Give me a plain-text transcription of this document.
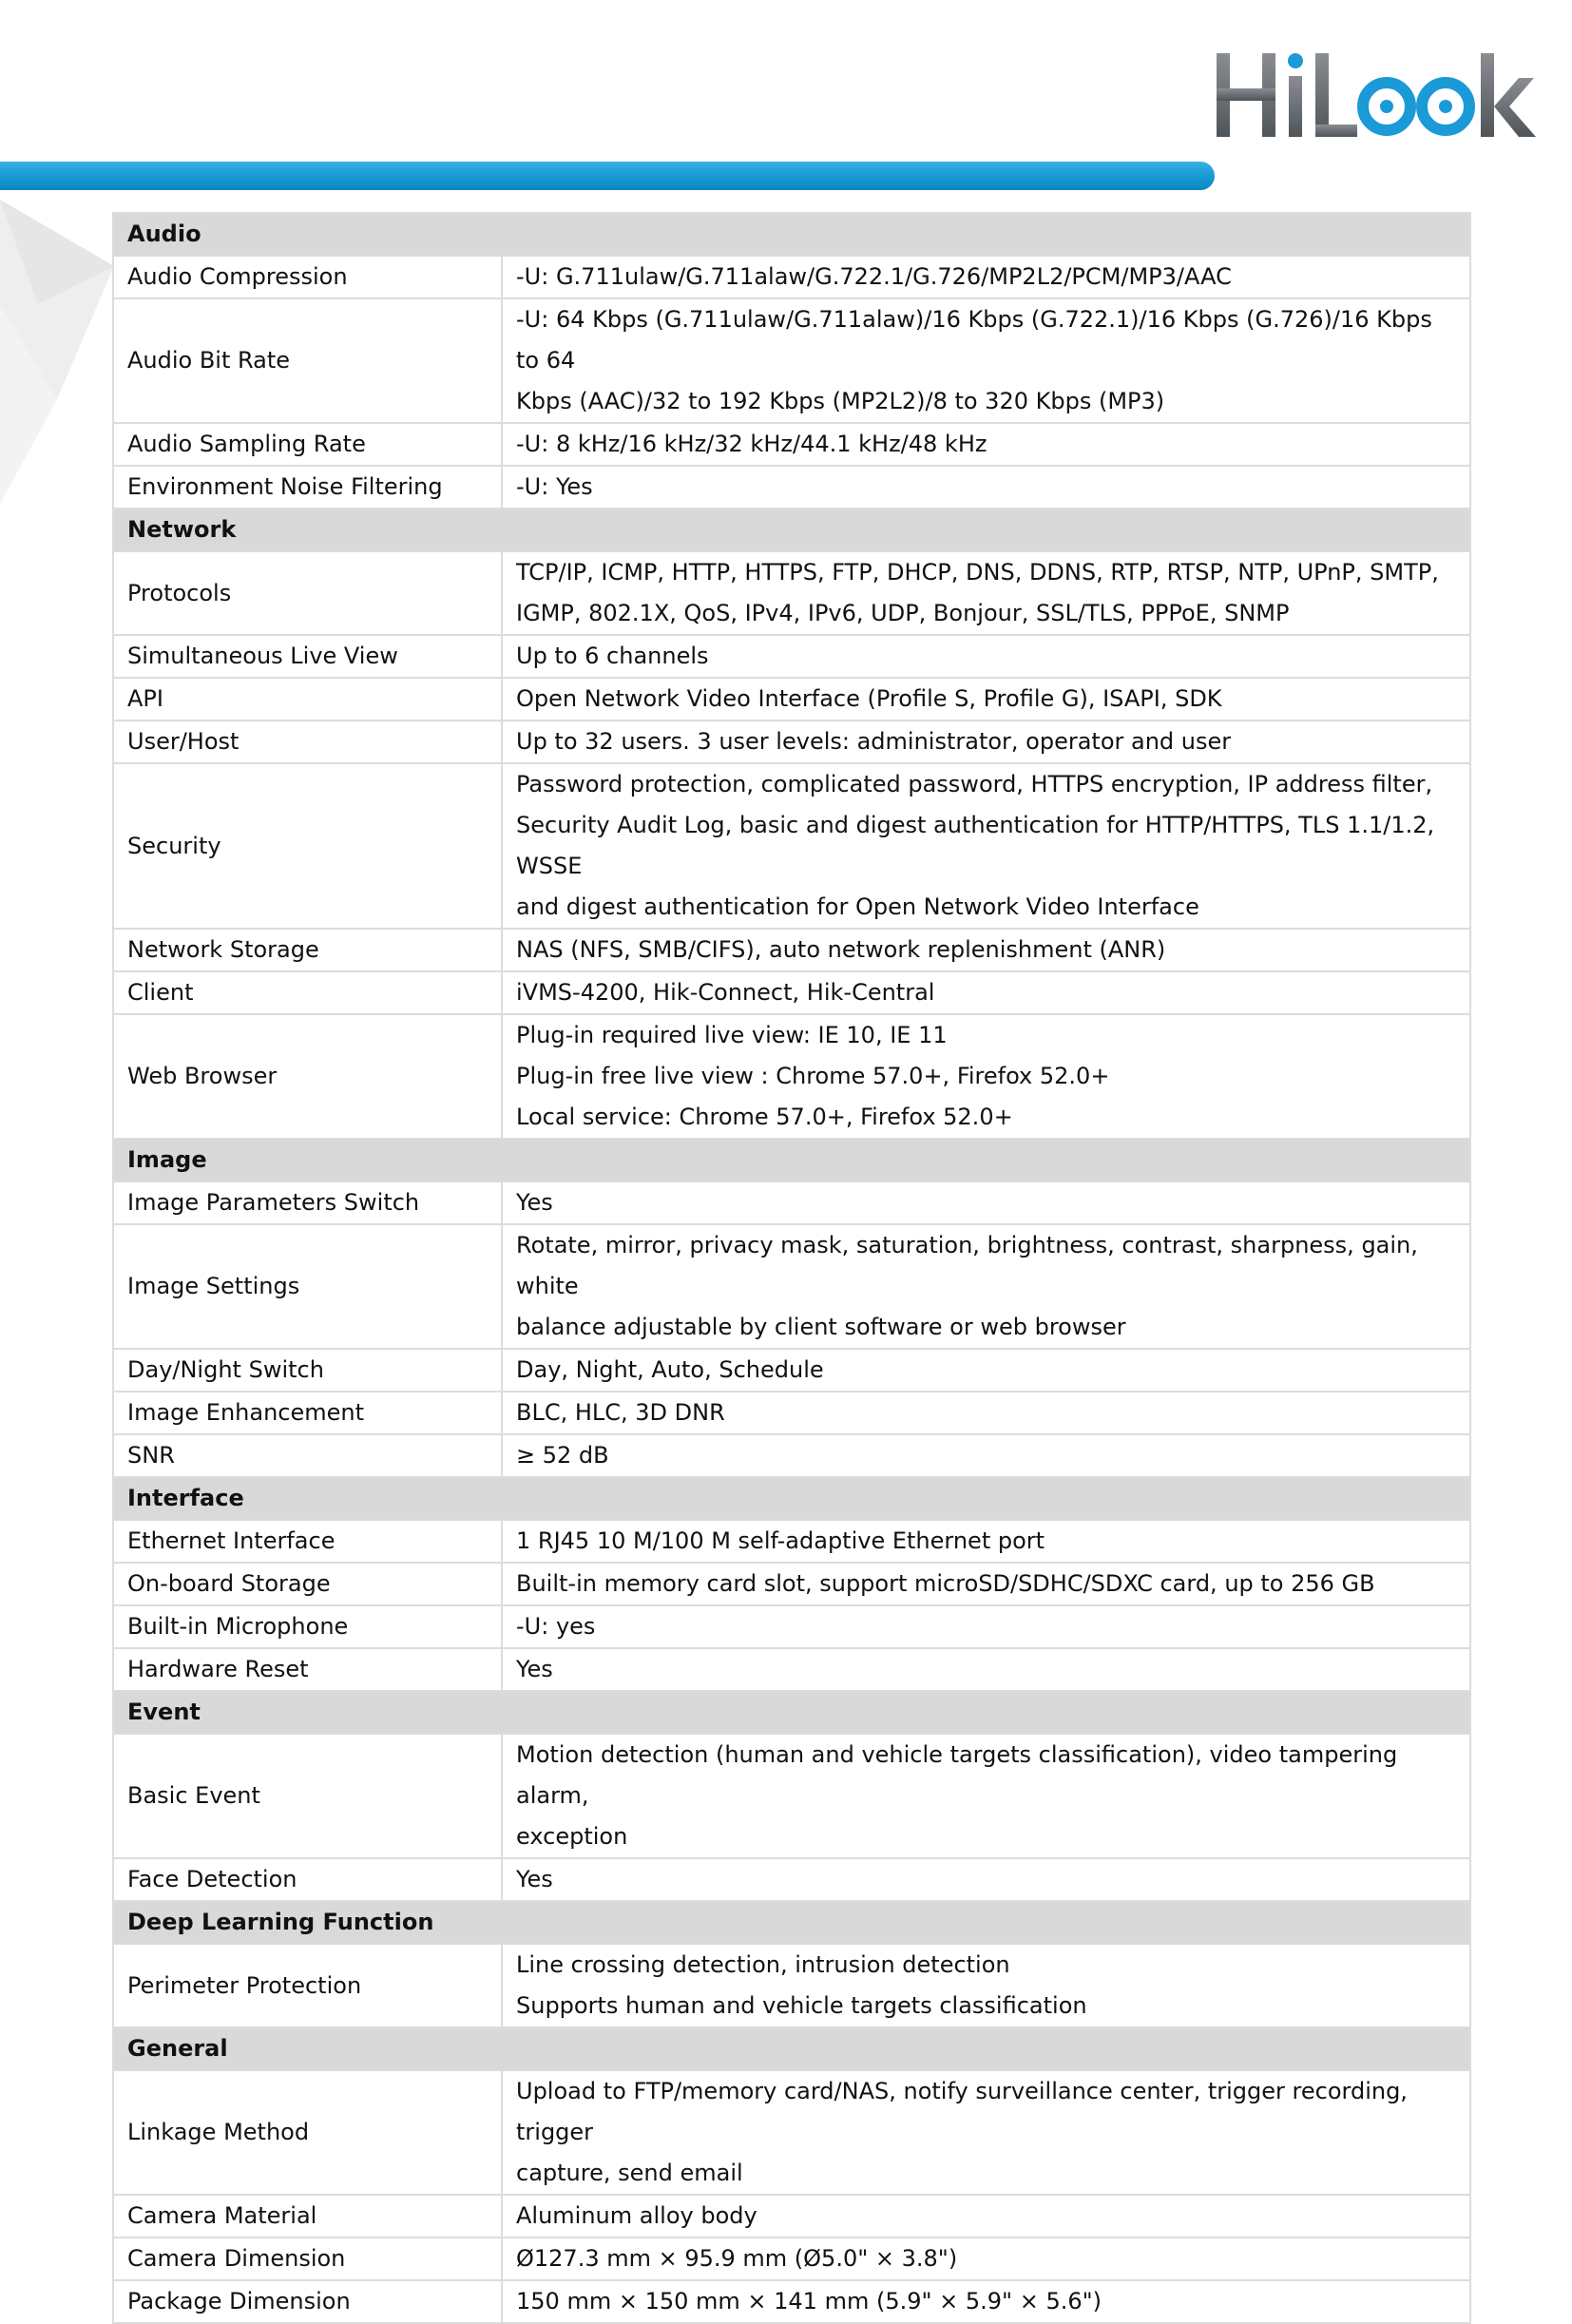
Audio	
Audio Compression	-U: G.711ulaw/G.711alaw/G.722.1/G.726/MP2L2/PCM/MP3/AAC

Audio Bit Rate	-U: 64 Kbps (G.711ulaw/G.711alaw)/16 Kbps (G.722.1)/16 Kbps (G.726)/16 Kbps to 64
Kbps (AAC)/32 to 192 Kbps (MP2L2)/8 to 320 Kbps (MP3)

Audio Sampling Rate	-U: 8 kHz/16 kHz/32 kHz/44.1 kHz/48 kHz

Environment Noise Filtering	-U: Yes

Network	
Protocols	TCP/IP, ICMP, HTTP, HTTPS, FTP, DHCP, DNS, DDNS, RTP, RTSP, NTP, UPnP, SMTP,
IGMP, 802.1X, QoS, IPv4, IPv6, UDP, Bonjour, SSL/TLS, PPPoE, SNMP

Simultaneous Live View	Up to 6 channels

API	Open Network Video Interface (Profile S, Profile G), ISAPI, SDK

User/Host	Up to 32 users. 3 user levels: administrator, operator and user

Security	Password protection, complicated password, HTTPS encryption, IP address filter,
Security Audit Log, basic and digest authentication for HTTP/HTTPS, TLS 1.1/1.2, WSSE
and digest authentication for Open Network Video Interface

Network Storage	NAS (NFS, SMB/CIFS), auto network replenishment (ANR)

Client	iVMS-4200, Hik-Connect, Hik-Central

Web Browser	Plug-in required live view: IE 10, IE 11
Plug-in free live view : Chrome 57.0+, Firefox 52.0+
Local service: Chrome 57.0+, Firefox 52.0+

Image	
Image Parameters Switch	Yes

Image Settings	Rotate, mirror, privacy mask, saturation, brightness, contrast, sharpness, gain, white
balance adjustable by client software or web browser

Day/Night Switch	Day, Night, Auto, Schedule

Image Enhancement	BLC, HLC, 3D DNR

SNR	≥ 52 dB

Interface	
Ethernet Interface	1 RJ45 10 M/100 M self-adaptive Ethernet port

On-board Storage	Built-in memory card slot, support microSD/SDHC/SDXC card, up to 256 GB

Built-in Microphone	-U: yes

Hardware Reset	Yes

Event	
Basic Event	Motion detection (human and vehicle targets classification), video tampering alarm,
exception

Face Detection	Yes

Deep Learning Function	
Perimeter Protection	Line crossing detection, intrusion detection
Supports human and vehicle targets classification

General	
Linkage Method	Upload to FTP/memory card/NAS, notify surveillance center, trigger recording, trigger
capture, send email

Camera Material	Aluminum alloy body

Camera Dimension	Ø127.3 mm × 95.9 mm (Ø5.0" × 3.8")

Package Dimension	150 mm × 150 mm × 141 mm (5.9" × 5.9" × 5.6")
